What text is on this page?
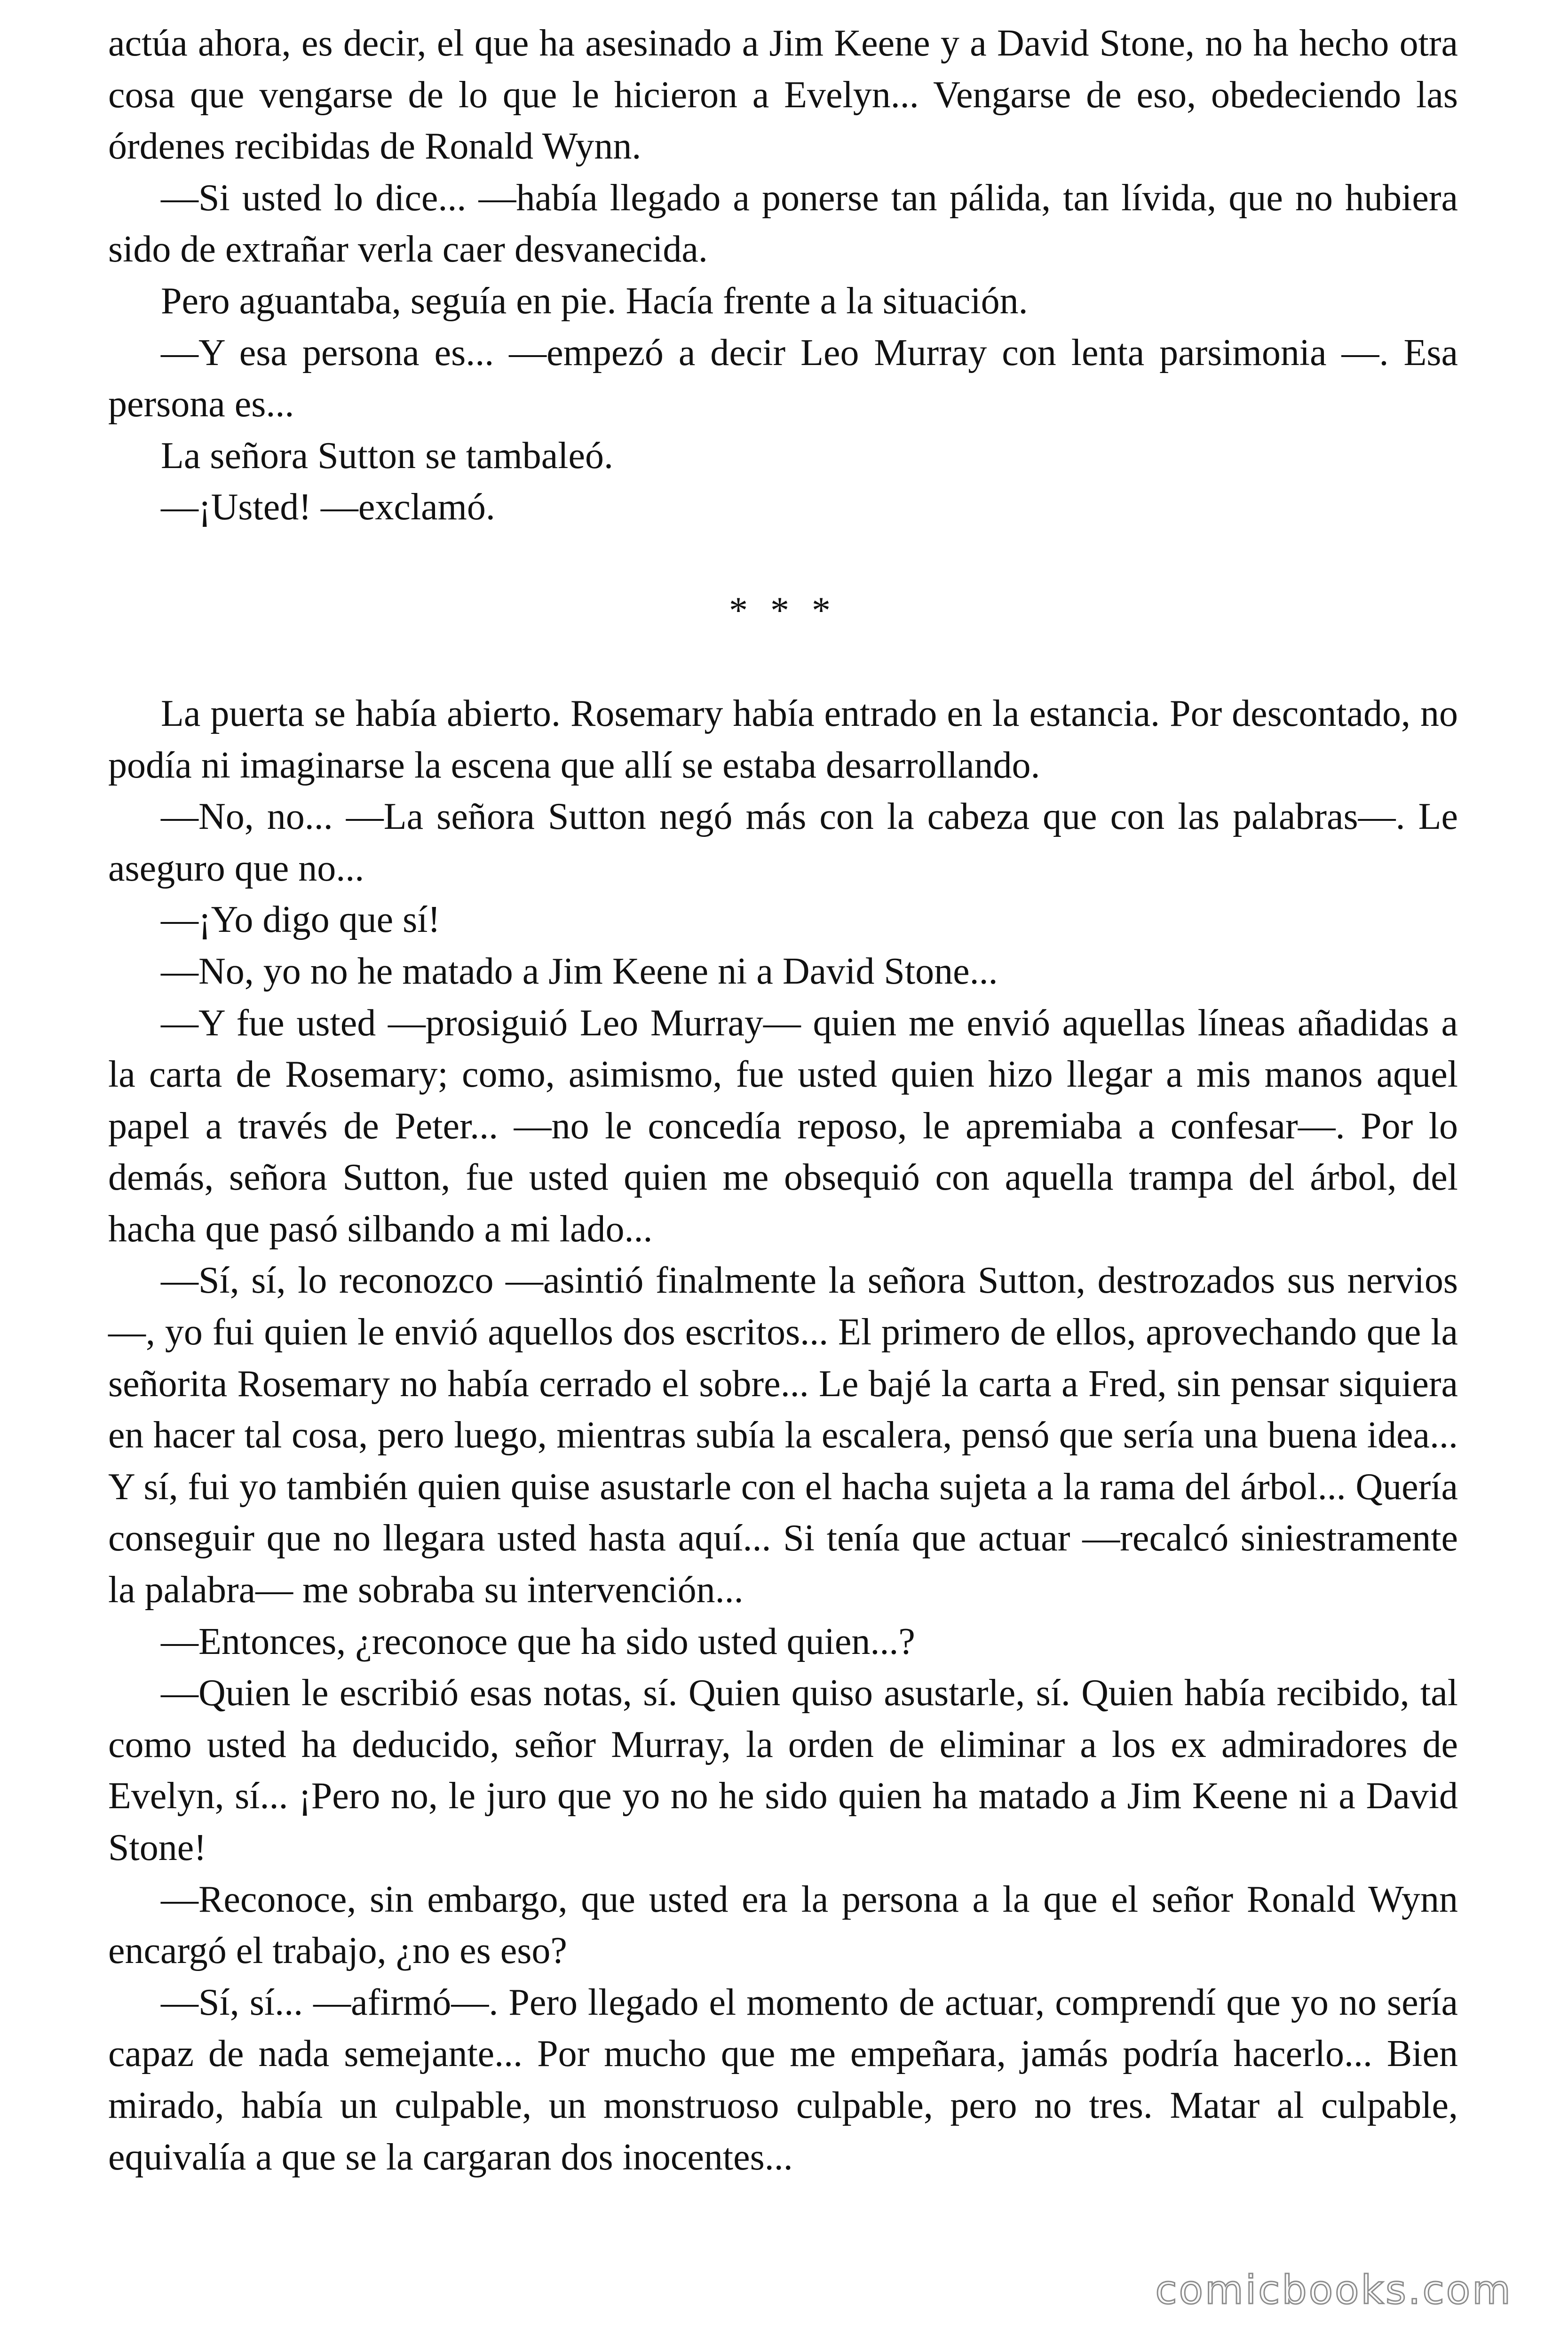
actúa ahora, es decir, el que ha asesinado a Jim Keene y a David Stone, no ha hecho otra cosa que vengarse de lo que le hicieron a Evelyn... Vengarse de eso, obedeciendo las órdenes recibidas de Ronald Wynn.

—Si usted lo dice... —había llegado a ponerse tan pálida, tan lívida, que no hubiera sido de extrañar verla caer desvanecida.

Pero aguantaba, seguía en pie. Hacía frente a la situación.

—Y esa persona es... —empezó a decir Leo Murray con lenta parsimonia —. Esa persona es...

La señora Sutton se tambaleó.

—¡Usted! —exclamó.

* * *

La puerta se había abierto. Rosemary había entrado en la estancia. Por descontado, no podía ni imaginarse la escena que allí se estaba desarrollando.

—No, no... —La señora Sutton negó más con la cabeza que con las palabras—. Le aseguro que no...

—¡Yo digo que sí!

—No, yo no he matado a Jim Keene ni a David Stone...

—Y fue usted —prosiguió Leo Murray— quien me envió aquellas líneas añadidas a la carta de Rosemary; como, asimismo, fue usted quien hizo llegar a mis manos aquel papel a través de Peter... —no le concedía reposo, le apremiaba a confesar—. Por lo demás, señora Sutton, fue usted quien me obsequió con aquella trampa del árbol, del hacha que pasó silbando a mi lado...

—Sí, sí, lo reconozco —asintió finalmente la señora Sutton, destrozados sus nervios—, yo fui quien le envió aquellos dos escritos... El primero de ellos, aprovechando que la señorita Rosemary no había cerrado el sobre... Le bajé la carta a Fred, sin pensar siquiera en hacer tal cosa, pero luego, mientras subía la escalera, pensó que sería una buena idea... Y sí, fui yo también quien quise asustarle con el hacha sujeta a la rama del árbol... Quería conseguir que no llegara usted hasta aquí... Si tenía que actuar —recalcó siniestramente la palabra— me sobraba su intervención...

—Entonces, ¿reconoce que ha sido usted quien...?

—Quien le escribió esas notas, sí. Quien quiso asustarle, sí. Quien había recibido, tal como usted ha deducido, señor Murray, la orden de eliminar a los ex admiradores de Evelyn, sí... ¡Pero no, le juro que yo no he sido quien ha matado a Jim Keene ni a David Stone!

—Reconoce, sin embargo, que usted era la persona a la que el señor Ronald Wynn encargó el trabajo, ¿no es eso?

—Sí, sí... —afirmó—. Pero llegado el momento de actuar, comprendí que yo no sería capaz de nada semejante... Por mucho que me empeñara, jamás podría hacerlo... Bien mirado, había un culpable, un monstruoso culpable, pero no tres. Matar al culpable, equivalía a que se la cargaran dos inocentes...

comicbooks.com
